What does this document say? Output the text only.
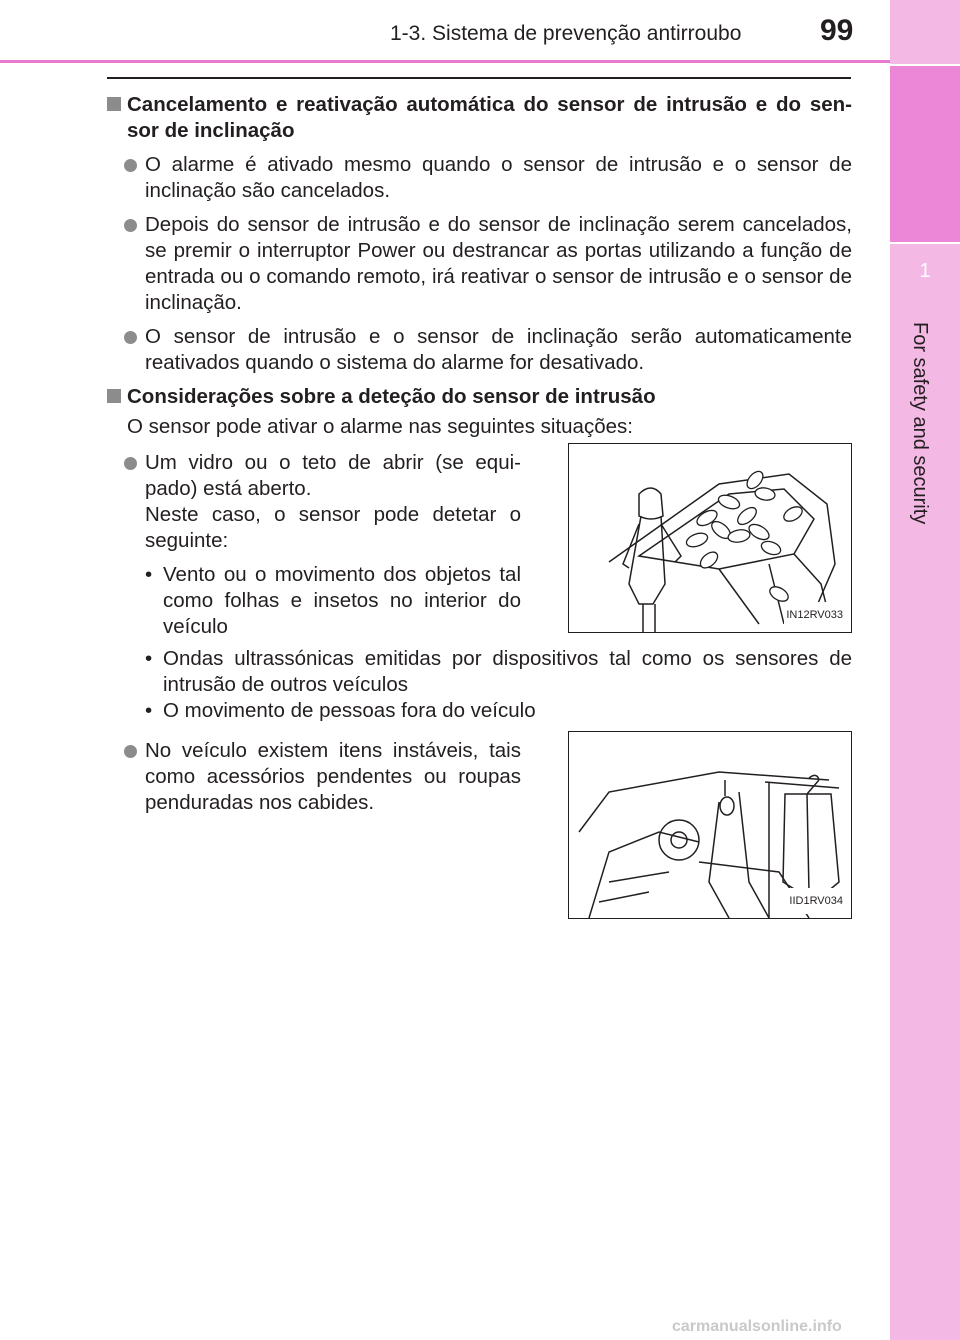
1-3. Sistema de prevenção antirroubo	99
1
For safety and security
Cancelamento e reativação automática do sensor de intrusão e do sen-sor de inclinação
O alarme é ativado mesmo quando o sensor de intrusão e o sensor de inclinação são cancelados.
Depois do sensor de intrusão e do sensor de inclinação serem cancelados, se premir o interruptor Power ou destrancar as portas utilizando a função de entrada ou o comando remoto, irá reativar o sensor de intrusão e o sensor de inclinação.
O sensor de intrusão e o sensor de inclinação serão automaticamente reativados quando o sistema do alarme for desativado.
Considerações sobre a deteção do sensor de intrusão
O sensor pode ativar o alarme nas seguintes situações:
Um vidro ou o teto de abrir (se equi-pado) está aberto.
Neste caso, o sensor pode detetar o seguinte:
• Vento ou o movimento dos objetos tal como folhas e insetos no interior do veículo	IN12RV033
• Ondas ultrassónicas emitidas por dispositivos tal como os sensores de intrusão de outros veículos
• O movimento de pessoas fora do veículo
No veículo existem itens instáveis, tais como acessórios pendentes ou roupas penduradas nos cabides.
IID1RV034
carmanualsonline.info
